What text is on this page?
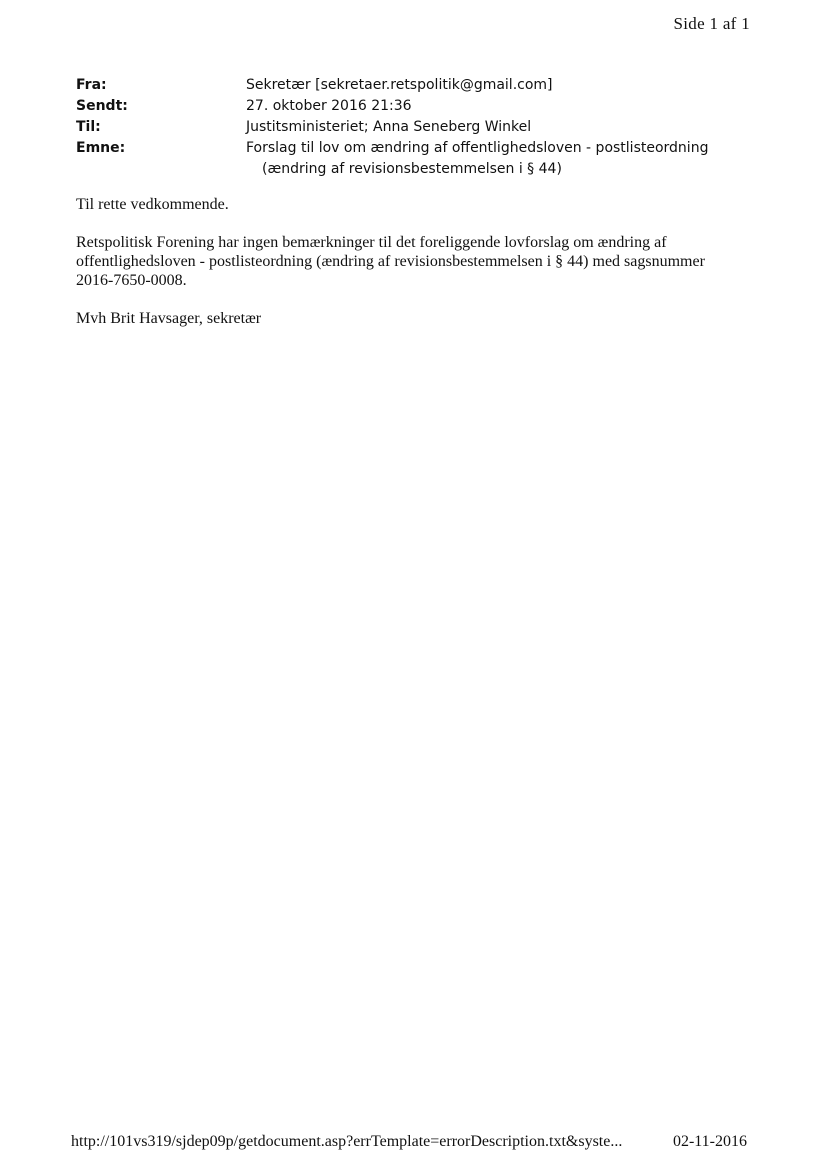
Side 1 af 1
Fra:	Sekretær [sekretaer.retspolitik@gmail.com]
Sendt:	27. oktober 2016 21:36
Til:	Justitsministeriet; Anna Seneberg Winkel
Emne:	Forslag til lov om ændring af offentlighedsloven - postlisteordning
(ændring af revisionsbestemmelsen i § 44)

Til rette vedkommende.

Retspolitisk Forening har ingen bemærkninger til det foreliggende lovforslag om ændring af offentlighedsloven - postlisteordning (ændring af revisionsbestemmelsen i § 44) med sagsnummer 2016-7650-0008.

Mvh Brit Havsager, sekretær

http://101vs319/sjdep09p/getdocument.asp?errTemplate=errorDescription.txt&syste...	02-11-2016
